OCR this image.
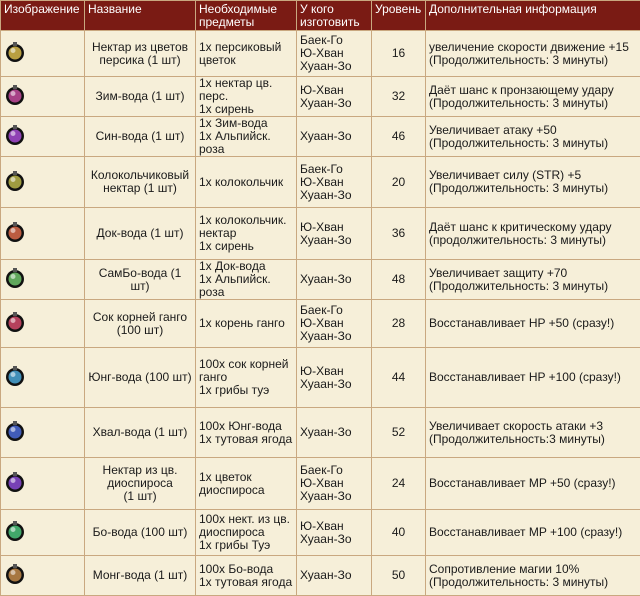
Изображение	Название	Необходимые
предметы	У кого
изготовить	Уровень	Дополнительная информация

	Нектар из цветов
персика (1 шт)	1х персиковый
цветок	Баек-Го
Ю-Хван
Хуаан-Зо	16	увеличение скорости движение +15
(Продолжительность: 3 минуты)

	Зим-вода (1 шт)	1х нектар цв. перс.
1х сирень	Ю-Хван
Хуаан-Зо	32	Даёт шанс к пронзающему удару
(Продолжительность: 3 минуты)

	Син-вода (1 шт)	1х Зим-вода
1х Альпийск. роза	Хуаан-Зо	46	Увеличивает атаку +50
(Продолжительность: 3 минуты)

	Колокольчиковый
нектар (1 шт)	1х колокольчик	Баек-Го
Ю-Хван
Хуаан-Зо	20	Увеличивает силу (STR) +5
(Продолжительность: 3 минуты)

	Док-вода (1 шт)	1х колокольчик.
нектар
1х сирень	Ю-Хван
Хуаан-Зо	36	Даёт шанс к критическому удару
(продолжительность: 3 минуты)

	СамБо-вода (1 шт)	1х Док-вода
1х Альпийск. роза	Хуаан-Зо	48	Увеличивает защиту +70
(Продолжительность: 3 минуты)

	Сок корней ганго
(100 шт)	1х корень ганго	Баек-Го
Ю-Хван
Хуаан-Зо	28	Восстанавливает HP +50 (сразу!)

	Юнг-вода (100 шт)	100х сок корней
ганго
1х грибы туэ	Ю-Хван
Хуаан-Зо	44	Восстанавливает HP +100 (сразу!)

	Хвал-вода (1 шт)	100х Юнг-вода
1х тутовая ягода	Хуаан-Зо	52	Увеличивает скорость атаки +3
(Продолжительность:3 минуты)

	Нектар из цв.
диоспироса
(1 шт)	1х цветок
диоспироса	Баек-Го
Ю-Хван
Хуаан-Зо	24	Восстанавливает MP +50 (сразу!)

	Бо-вода (100 шт)	100х нект. из цв.
диоспироса
1х грибы Туэ	Ю-Хван
Хуаан-Зо	40	Восстанавливает MP +100 (сразу!)

	Монг-вода (1 шт)	100х Бо-вода
1х тутовая ягода	Хуаан-Зо	50	Сопротивление магии 10%
(Продолжительность: 3 минуты)
